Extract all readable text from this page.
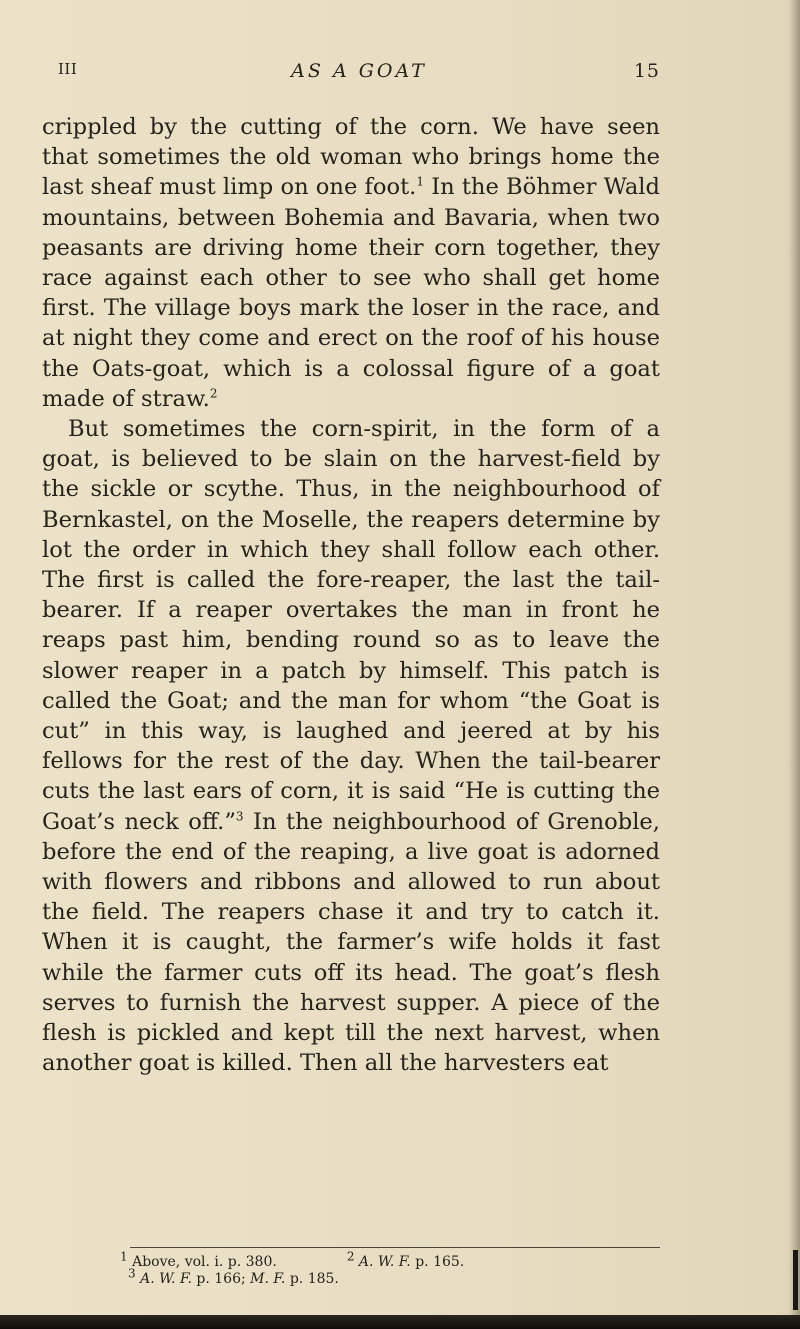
III	AS A GOAT	15

crippled by the cutting of the corn. We have seen that sometimes the old woman who brings home the last sheaf must limp on one foot.$^1$ In the Böhmer Wald mountains, between Bohemia and Bavaria, when two peasants are driving home their corn together, they race against each other to see who shall get home first. The village boys mark the loser in the race, and at night they come and erect on the roof of his house the Oats-goat, which is a colossal figure of a goat made of straw.$^2$

But sometimes the corn-spirit, in the form of a goat, is believed to be slain on the harvest-field by the sickle or scythe. Thus, in the neighbourhood of Bernkastel, on the Moselle, the reapers determine by lot the order in which they shall follow each other. The first is called the fore-reaper, the last the tail-bearer. If a reaper overtakes the man in front he reaps past him, bending round so as to leave the slower reaper in a patch by himself. This patch is called the Goat; and the man for whom “the Goat is cut” in this way, is laughed and jeered at by his fellows for the rest of the day. When the tail-bearer cuts the last ears of corn, it is said “He is cutting the Goat’s neck off.”$^3$ In the neighbourhood of Grenoble, before the end of the reaping, a live goat is adorned with flowers and ribbons and allowed to run about the field. The reapers chase it and try to catch it. When it is caught, the farmer’s wife holds it fast while the farmer cuts off its head. The goat’s flesh serves to furnish the harvest supper. A piece of the flesh is pickled and kept till the next harvest, when another goat is killed. Then all the harvesters eat

$^1$ Above, vol. i. p. 380.	$^2$ A. W. F. p. 165.
$^3$ A. W. F. p. 166; M. F. p. 185.
